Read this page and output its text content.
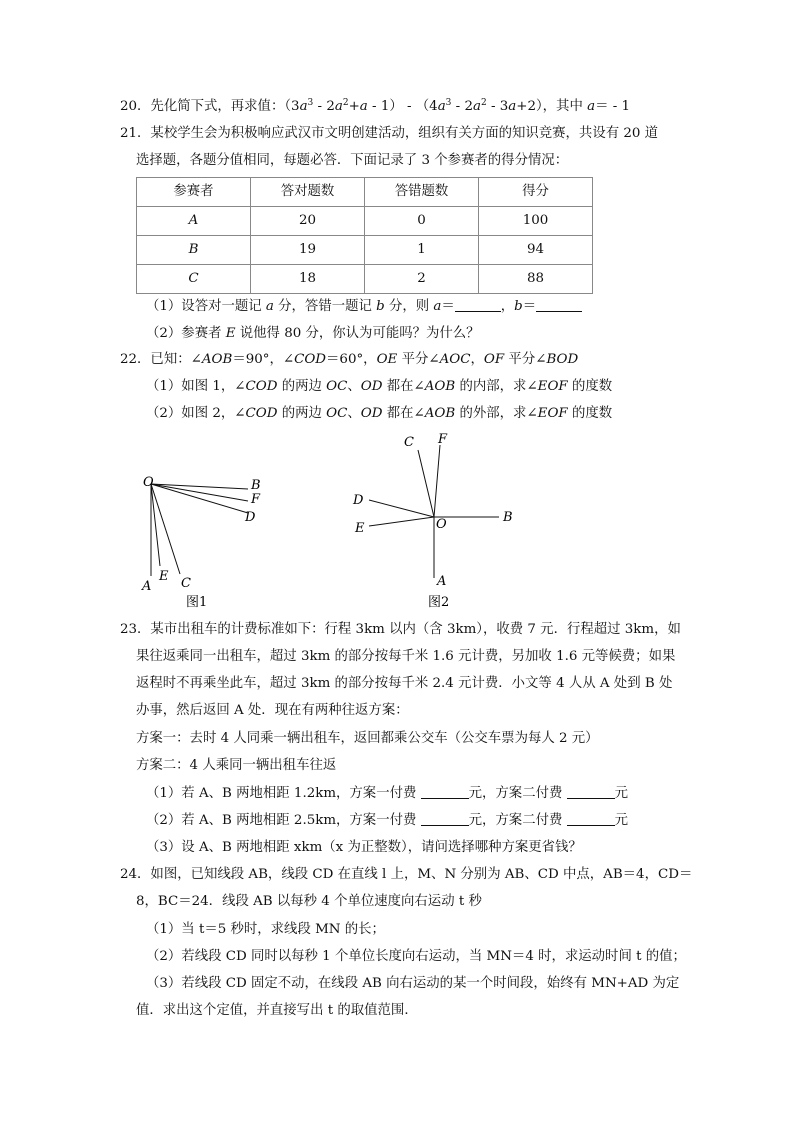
20．先化简下式，再求值：$(3a^3 - 2a^2+a - 1) - (4a^3 - 2a^2 - 3a+2)$，其中 a＝ - 1
21．某校学生会为积极响应武汉市文明创建活动，组织有关方面的知识竞赛，共设有 20 道
选择题，各题分值相同，每题必答．下面记录了 3 个参赛者的得分情况：
参赛者	答对题数	答错题数	得分
A	20	0	100
B	19	1	94
C	18	2	88
（1）设答对一题记 a 分，答错一题记 b 分，则 a＝	，b＝
（2）参赛者 E 说他得 80 分，你认为可能吗？为什么？
22．已知：∠AOB＝90°，∠COD＝60°，OE 平分∠AOC，OF 平分∠BOD
（1）如图 1，∠COD 的两边 OC、OD 都在∠AOB 的内部，求∠EOF 的度数
（2）如图 2，∠COD 的两边 OC、OD 都在∠AOB 的外部，求∠EOF 的度数
O	B
F
D
A
E C
图1
C F
D
E	O	B
A
图2
23．某市出租车的计费标准如下：行程 3km 以内（含 3km），收费 7 元．行程超过 3km，如
果往返乘同一出租车，超过 3km 的部分按每千米 1.6 元计费，另加收 1.6 元等候费；如果
返程时不再乘坐此车，超过 3km 的部分按每千米 2.4 元计费．小文等 4 人从 A 处到 B 处
办事，然后返回 A 处．现在有两种往返方案：
方案一：去时 4 人同乘一辆出租车，返回都乘公交车（公交车票为每人 2 元）
方案二：4 人乘同一辆出租车往返
（1）若 A、B 两地相距 1.2km，方案一付费	元，方案二付费	元
（2）若 A、B 两地相距 2.5km，方案一付费	元，方案二付费	元
（3）设 A、B 两地相距 xkm（x 为正整数），请问选择哪种方案更省钱？
24．如图，已知线段 AB，线段 CD 在直线 l 上，M、N 分别为 AB、CD 中点，AB＝4，CD＝
8，BC＝24．线段 AB 以每秒 4 个单位速度向右运动 t 秒
（1）当 t＝5 秒时，求线段 MN 的长；
（2）若线段 CD 同时以每秒 1 个单位长度向右运动，当 MN＝4 时，求运动时间 t 的值；
（3）若线段 CD 固定不动，在线段 AB 向右运动的某一个时间段，始终有 MN+AD 为定
值．求出这个定值，并直接写出 t 的取值范围．
